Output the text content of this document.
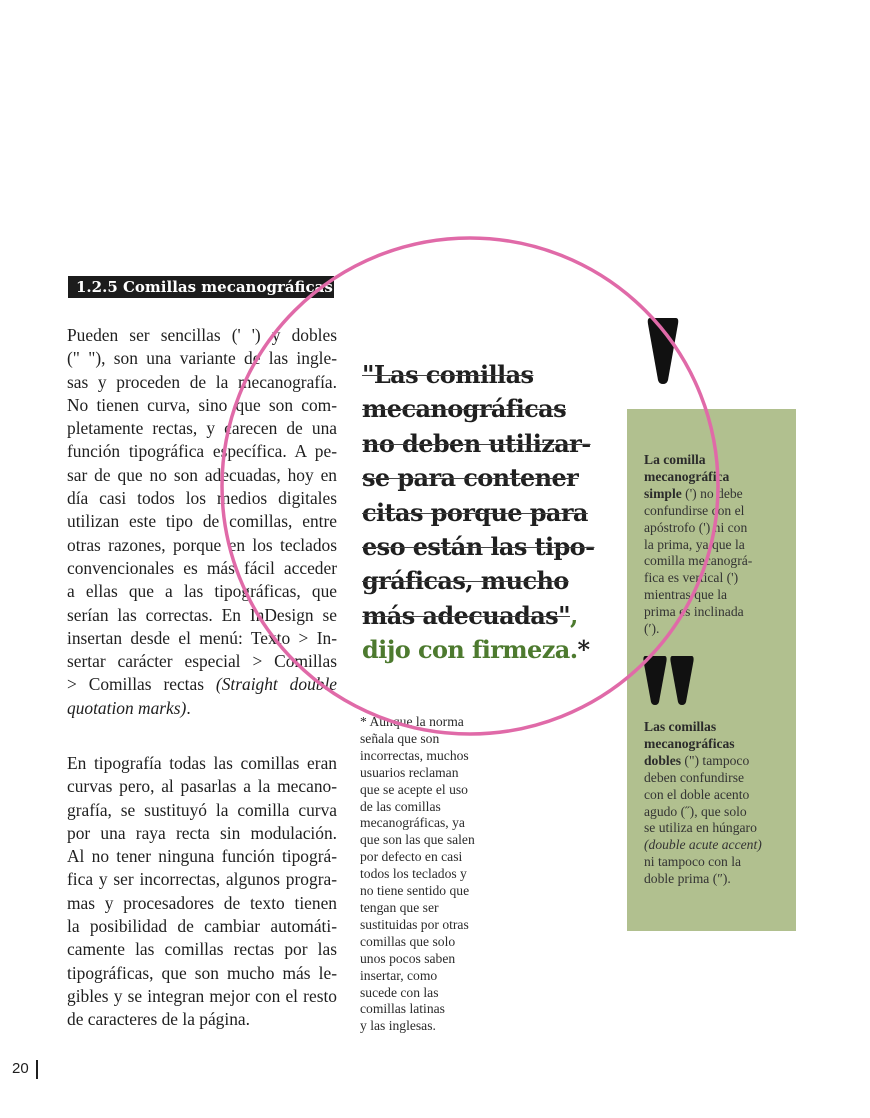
1.2.5 Comillas mecanográficas
Pueden ser sencillas (' ') y dobles
(" "), son una variante de las ingle-
sas y proceden de la mecanografía.
No tienen curva, sino que son com-
pletamente rectas, y carecen de una
función tipográfica específica. A pe-
sar de que no son adecuadas, hoy en
día casi todos los medios digitales
utilizan este tipo de comillas, entre
otras razones, porque en los teclados
convencionales es más fácil acceder
a ellas que a las tipográficas, que
serían las correctas. En InDesign se
insertan desde el menú: Texto > In-
sertar carácter especial > Comillas
> Comillas rectas (Straight double
quotation marks).
En tipografía todas las comillas eran
curvas pero, al pasarlas a la mecano-
grafía, se sustituyó la comilla curva
por una raya recta sin modulación.
Al no tener ninguna función tipográ-
fica y ser incorrectas, algunos progra-
mas y procesadores de texto tienen
la posibilidad de cambiar automáti-
camente las comillas rectas por las
tipográficas, que son mucho más le-
gibles y se integran mejor con el resto
de caracteres de la página.
"Las comillas
mecanográficas
no deben utilizar-
se para contener
citas porque para
eso están las tipo-
gráficas, mucho
más adecuadas",
dijo con firmeza.*
* Aunque la norma
señala que son
incorrectas, muchos
usuarios reclaman
que se acepte el uso
de las comillas
mecanográficas, ya
que son las que salen
por defecto en casi
todos los teclados y
no tiene sentido que
tengan que ser
sustituidas por otras
comillas que solo
unos pocos saben
insertar, como
sucede con las
comillas latinas
y las inglesas.
La comilla
mecanográfica
simple (') no debe
confundirse con el
apóstrofo (') ni con
la prima, ya que la
comilla mecanográ-
fica es vertical (')
mientras que la
prima es inclinada
(′).
Las comillas
mecanográficas
dobles (") tampoco
deben confundirse
con el doble acento
agudo (˝), que solo
se utiliza en húngaro
(double acute accent)
ni tampoco con la
doble prima (″).
20
